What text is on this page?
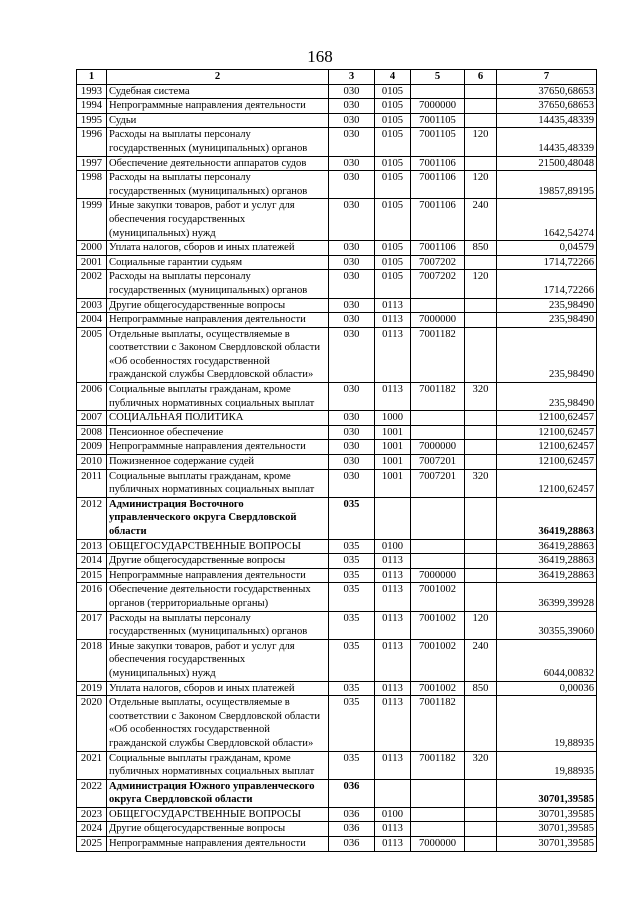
168
1	2	3	4	5	6	7
1993	Судебная система	030	0105			37650,68653
1994	Непрограммные направления деятельности	030	0105	7000000		37650,68653
1995	Судьи	030	0105	7001105		14435,48339
1996	Расходы на выплаты персоналу государственных (муниципальных) органов	030	0105	7001105	120	14435,48339
1997	Обеспечение деятельности аппаратов судов	030	0105	7001106		21500,48048
1998	Расходы на выплаты персоналу государственных (муниципальных) органов	030	0105	7001106	120	19857,89195
1999	Иные закупки товаров, работ и услуг для обеспечения государственных (муниципальных) нужд	030	0105	7001106	240	1642,54274
2000	Уплата налогов, сборов и иных платежей	030	0105	7001106	850	0,04579
2001	Социальные гарантии судьям	030	0105	7007202		1714,72266
2002	Расходы на выплаты персоналу государственных (муниципальных) органов	030	0105	7007202	120	1714,72266
2003	Другие общегосударственные вопросы	030	0113			235,98490
2004	Непрограммные направления деятельности	030	0113	7000000		235,98490
2005	Отдельные выплаты, осуществляемые в соответствии с Законом Свердловской области «Об особенностях государственной гражданской службы Свердловской области»	030	0113	7001182		235,98490
2006	Социальные выплаты гражданам, кроме публичных нормативных социальных выплат	030	0113	7001182	320	235,98490
2007	СОЦИАЛЬНАЯ ПОЛИТИКА	030	1000			12100,62457
2008	Пенсионное обеспечение	030	1001			12100,62457
2009	Непрограммные направления деятельности	030	1001	7000000		12100,62457
2010	Пожизненное содержание судей	030	1001	7007201		12100,62457
2011	Социальные выплаты гражданам, кроме публичных нормативных социальных выплат	030	1001	7007201	320	12100,62457
2012	Администрация Восточного управленческого округа Свердловской области	035				36419,28863
2013	ОБЩЕГОСУДАРСТВЕННЫЕ ВОПРОСЫ	035	0100			36419,28863
2014	Другие общегосударственные вопросы	035	0113			36419,28863
2015	Непрограммные направления деятельности	035	0113	7000000		36419,28863
2016	Обеспечение деятельности государственных органов (территориальные органы)	035	0113	7001002		36399,39928
2017	Расходы на выплаты персоналу государственных (муниципальных) органов	035	0113	7001002	120	30355,39060
2018	Иные закупки товаров, работ и услуг для обеспечения государственных (муниципальных) нужд	035	0113	7001002	240	6044,00832
2019	Уплата налогов, сборов и иных платежей	035	0113	7001002	850	0,00036
2020	Отдельные выплаты, осуществляемые в соответствии с Законом Свердловской области «Об особенностях государственной гражданской службы Свердловской области»	035	0113	7001182		19,88935
2021	Социальные выплаты гражданам, кроме публичных нормативных социальных выплат	035	0113	7001182	320	19,88935
2022	Администрация Южного управленческого округа Свердловской области	036				30701,39585
2023	ОБЩЕГОСУДАРСТВЕННЫЕ ВОПРОСЫ	036	0100			30701,39585
2024	Другие общегосударственные вопросы	036	0113			30701,39585
2025	Непрограммные направления деятельности	036	0113	7000000		30701,39585
